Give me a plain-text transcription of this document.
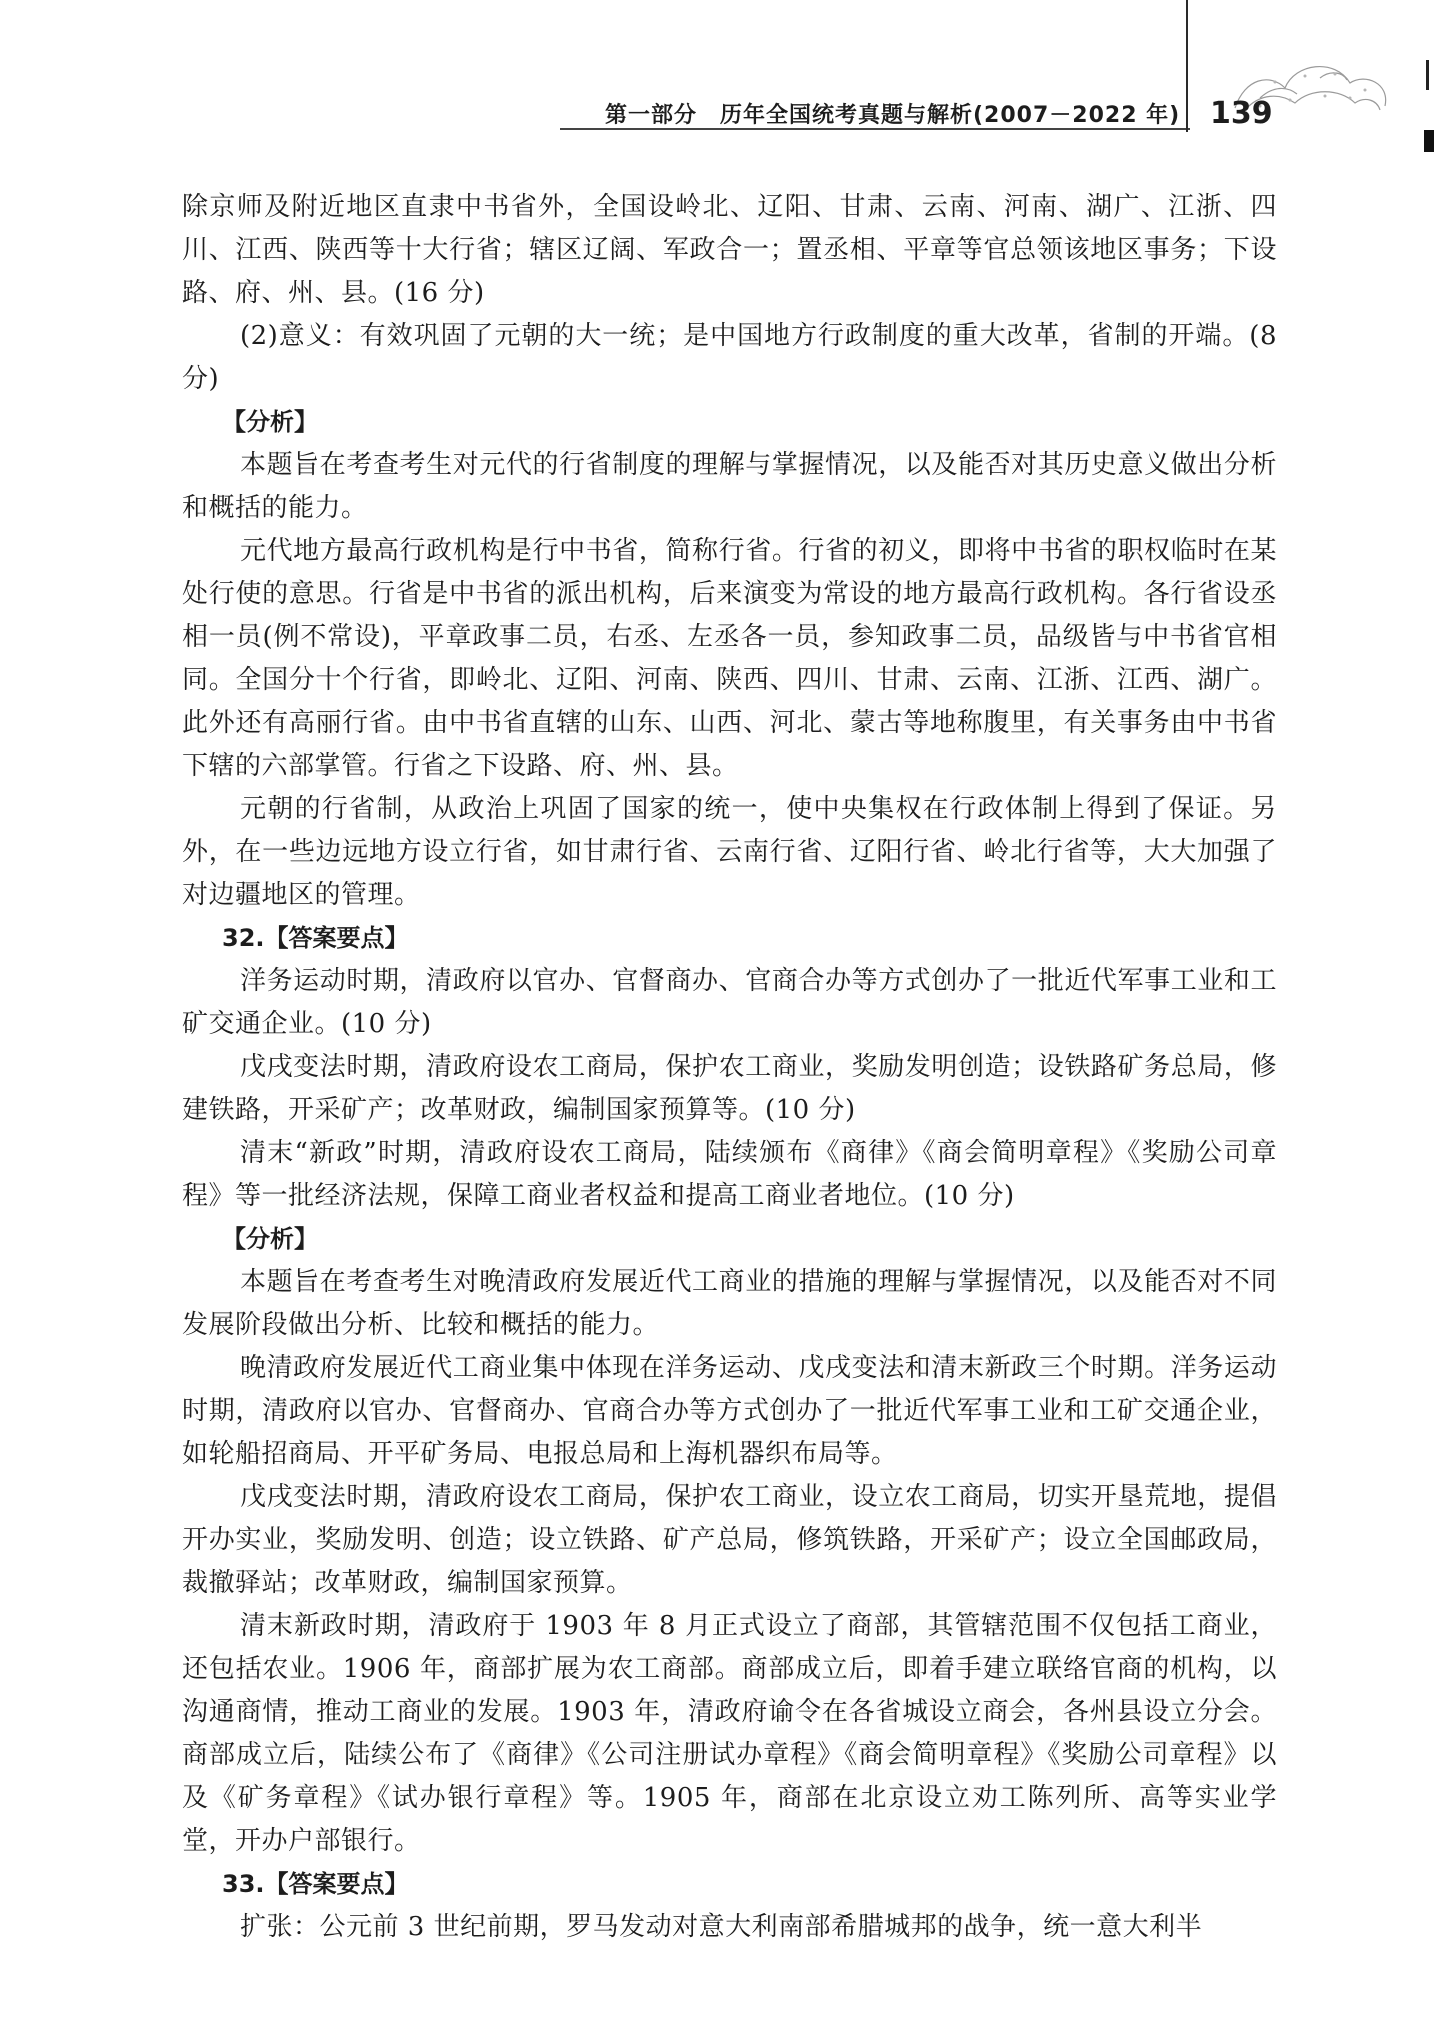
第一部分　历年全国统考真题与解析(2007－2022 年) 139

除京师及附近地区直隶中书省外，全国设岭北、辽阳、甘肃、云南、河南、湖广、江浙、四川、江西、陕西等十大行省；辖区辽阔、军政合一；置丞相、平章等官总领该地区事务；下设路、府、州、县。(16 分)

(2)意义：有效巩固了元朝的大一统；是中国地方行政制度的重大改革，省制的开端。(8 分)

【分析】

本题旨在考查考生对元代的行省制度的理解与掌握情况，以及能否对其历史意义做出分析和概括的能力。

元代地方最高行政机构是行中书省，简称行省。行省的初义，即将中书省的职权临时在某处行使的意思。行省是中书省的派出机构，后来演变为常设的地方最高行政机构。各行省设丞相一员(例不常设)，平章政事二员，右丞、左丞各一员，参知政事二员，品级皆与中书省官相同。全国分十个行省，即岭北、辽阳、河南、陕西、四川、甘肃、云南、江浙、江西、湖广。此外还有高丽行省。由中书省直辖的山东、山西、河北、蒙古等地称腹里，有关事务由中书省下辖的六部掌管。行省之下设路、府、州、县。

元朝的行省制，从政治上巩固了国家的统一，使中央集权在行政体制上得到了保证。另外，在一些边远地方设立行省，如甘肃行省、云南行省、辽阳行省、岭北行省等，大大加强了对边疆地区的管理。

32.【答案要点】

洋务运动时期，清政府以官办、官督商办、官商合办等方式创办了一批近代军事工业和工矿交通企业。(10 分)

戊戌变法时期，清政府设农工商局，保护农工商业，奖励发明创造；设铁路矿务总局，修建铁路，开采矿产；改革财政，编制国家预算等。(10 分)

清末“新政”时期，清政府设农工商局，陆续颁布《商律》《商会简明章程》《奖励公司章程》等一批经济法规，保障工商业者权益和提高工商业者地位。(10 分)

【分析】

本题旨在考查考生对晚清政府发展近代工商业的措施的理解与掌握情况，以及能否对不同发展阶段做出分析、比较和概括的能力。

晚清政府发展近代工商业集中体现在洋务运动、戊戌变法和清末新政三个时期。洋务运动时期，清政府以官办、官督商办、官商合办等方式创办了一批近代军事工业和工矿交通企业，如轮船招商局、开平矿务局、电报总局和上海机器织布局等。

戊戌变法时期，清政府设农工商局，保护农工商业，设立农工商局，切实开垦荒地，提倡开办实业，奖励发明、创造；设立铁路、矿产总局，修筑铁路，开采矿产；设立全国邮政局，裁撤驿站；改革财政，编制国家预算。

清末新政时期，清政府于 1903 年 8 月正式设立了商部，其管辖范围不仅包括工商业，还包括农业。1906 年，商部扩展为农工商部。商部成立后，即着手建立联络官商的机构，以沟通商情，推动工商业的发展。1903 年，清政府谕令在各省城设立商会，各州县设立分会。商部成立后，陆续公布了《商律》《公司注册试办章程》《商会简明章程》《奖励公司章程》以及《矿务章程》《试办银行章程》等。1905 年，商部在北京设立劝工陈列所、高等实业学堂，开办户部银行。

33.【答案要点】

扩张：公元前 3 世纪前期，罗马发动对意大利南部希腊城邦的战争，统一意大利半
